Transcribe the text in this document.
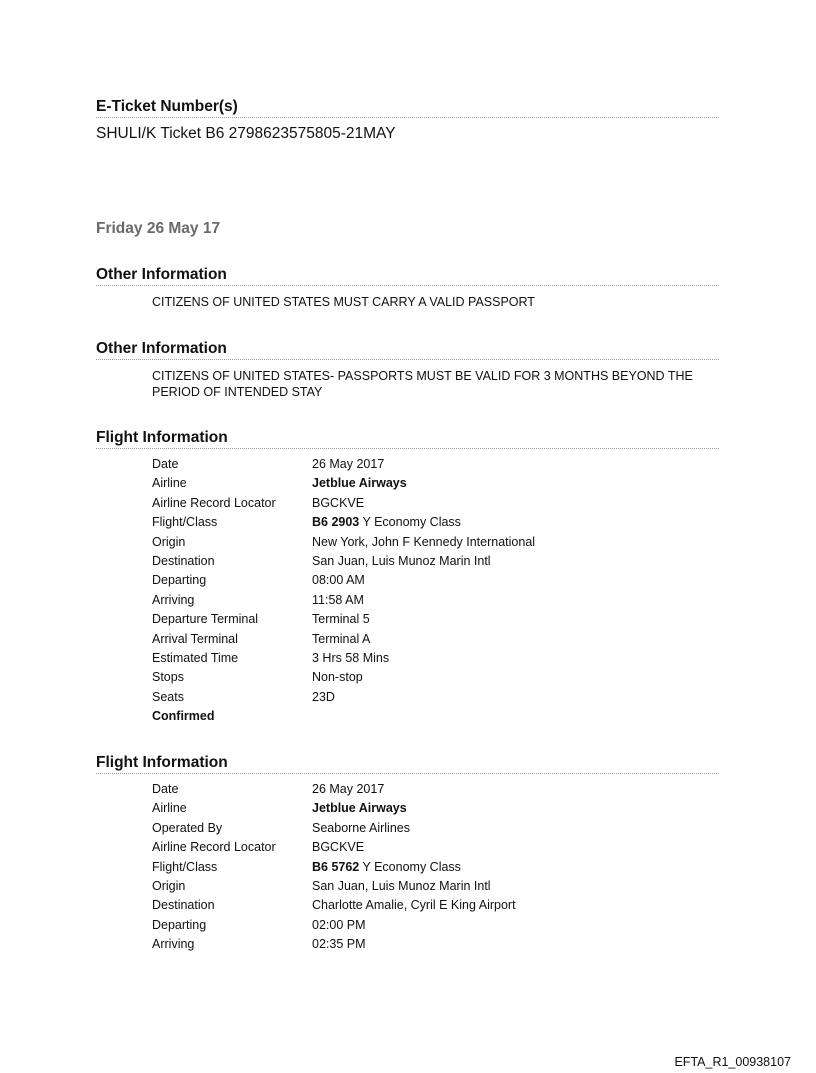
E-Ticket Number(s)
SHULI/K Ticket B6 2798623575805-21MAY
Friday 26 May 17
Other Information
CITIZENS OF UNITED STATES MUST CARRY A VALID PASSPORT
Other Information
CITIZENS OF UNITED STATES- PASSPORTS MUST BE VALID FOR 3 MONTHS BEYOND THE PERIOD OF INTENDED STAY
Flight Information
Date	26 May 2017
Airline	Jetblue Airways
Airline Record Locator	BGCKVE
Flight/Class	B6 2903 Y Economy Class
Origin	New York, John F Kennedy International
Destination	San Juan, Luis Munoz Marin Intl
Departing	08:00 AM
Arriving	11:58 AM
Departure Terminal	Terminal 5
Arrival Terminal	Terminal A
Estimated Time	3 Hrs 58 Mins
Stops	Non-stop
Seats	23D
Confirmed
Flight Information
Date	26 May 2017
Airline	Jetblue Airways
Operated By	Seaborne Airlines
Airline Record Locator	BGCKVE
Flight/Class	B6 5762 Y Economy Class
Origin	San Juan, Luis Munoz Marin Intl
Destination	Charlotte Amalie, Cyril E King Airport
Departing	02:00 PM
Arriving	02:35 PM
EFTA_R1_00938107
